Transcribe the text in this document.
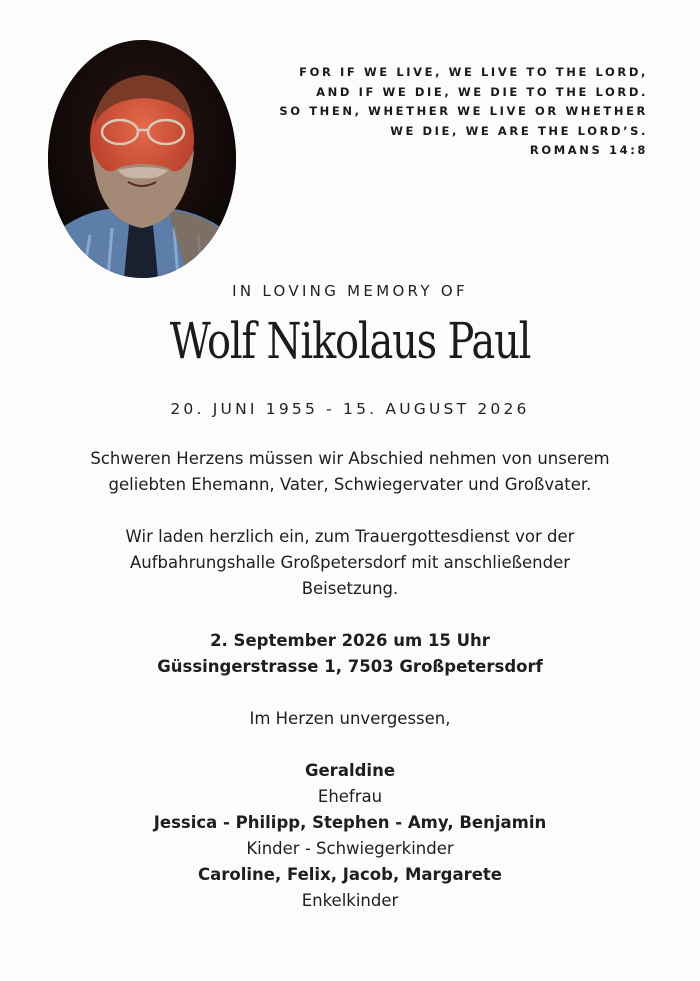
FOR IF WE LIVE, WE LIVE TO THE LORD,
AND IF WE DIE, WE DIE TO THE LORD.
SO THEN, WHETHER WE LIVE OR WHETHER
WE DIE, WE ARE THE LORD’S.
ROMANS 14:8
IN LOVING MEMORY OF
Wolf Nikolaus Paul
20. JUNI 1955 - 15. AUGUST 2026
Schweren Herzens müssen wir Abschied nehmen von unserem
geliebten Ehemann, Vater, Schwiegervater und Großvater.
Wir laden herzlich ein, zum Trauergottesdienst vor der
Aufbahrungshalle Großpetersdorf mit anschließender
Beisetzung.
2. September 2026 um 15 Uhr
Güssingerstrasse 1, 7503 Großpetersdorf
Im Herzen unvergessen,
Geraldine
Ehefrau
Jessica - Philipp, Stephen - Amy, Benjamin
Kinder - Schwiegerkinder
Caroline, Felix, Jacob, Margarete
Enkelkinder
